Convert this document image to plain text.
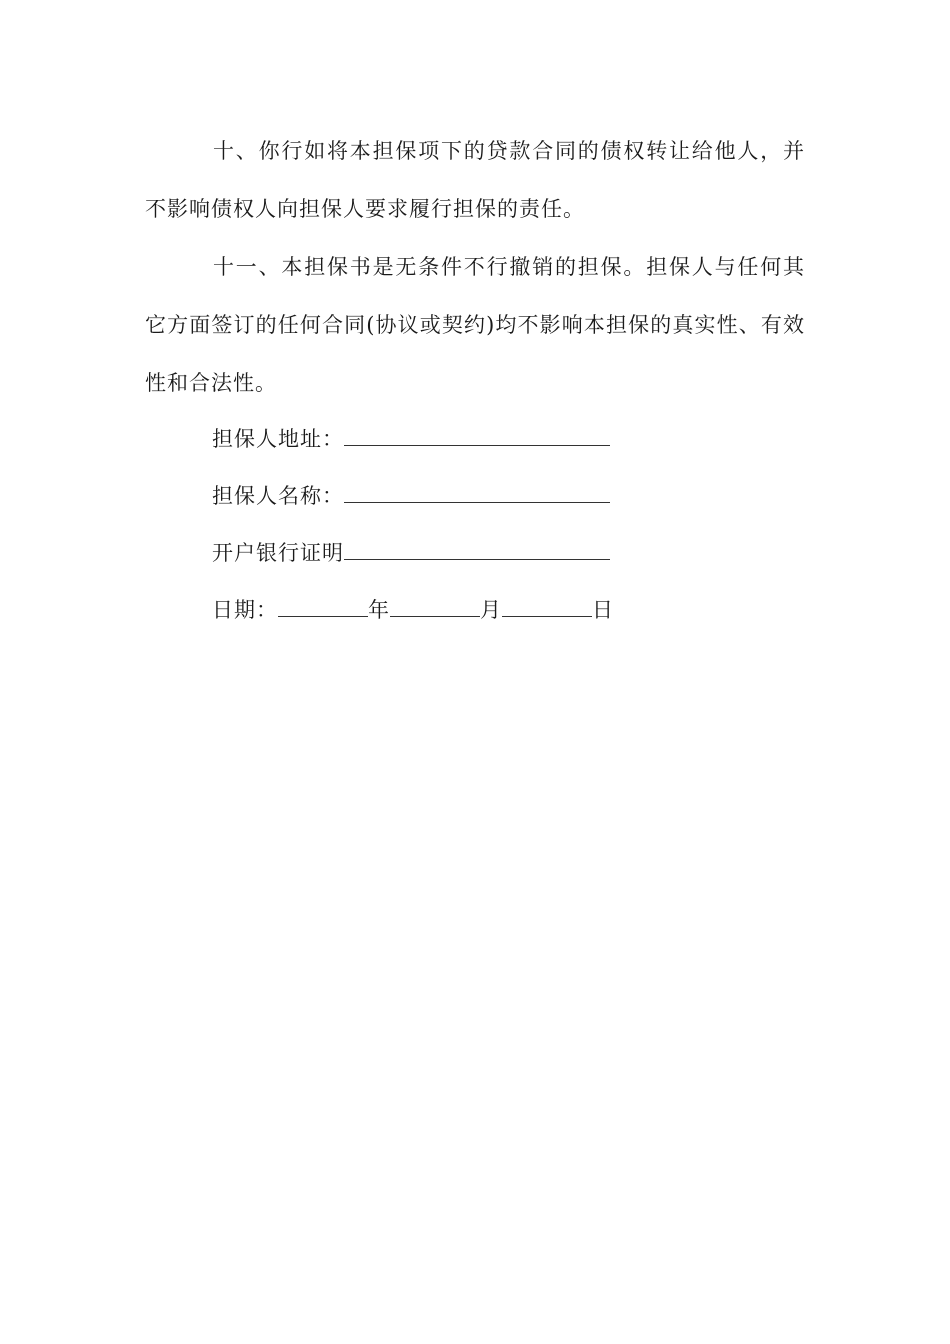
十、你行如将本担保项下的贷款合同的债权转让给他人，并不影响债权人向担保人要求履行担保的责任。

十一、本担保书是无条件不行撤销的担保。担保人与任何其它方面签订的任何合同(协议或契约)均不影响本担保的真实性、有效性和合法性。

担保人地址：
担保人名称：
开户银行证明
日期：	年	月	日
